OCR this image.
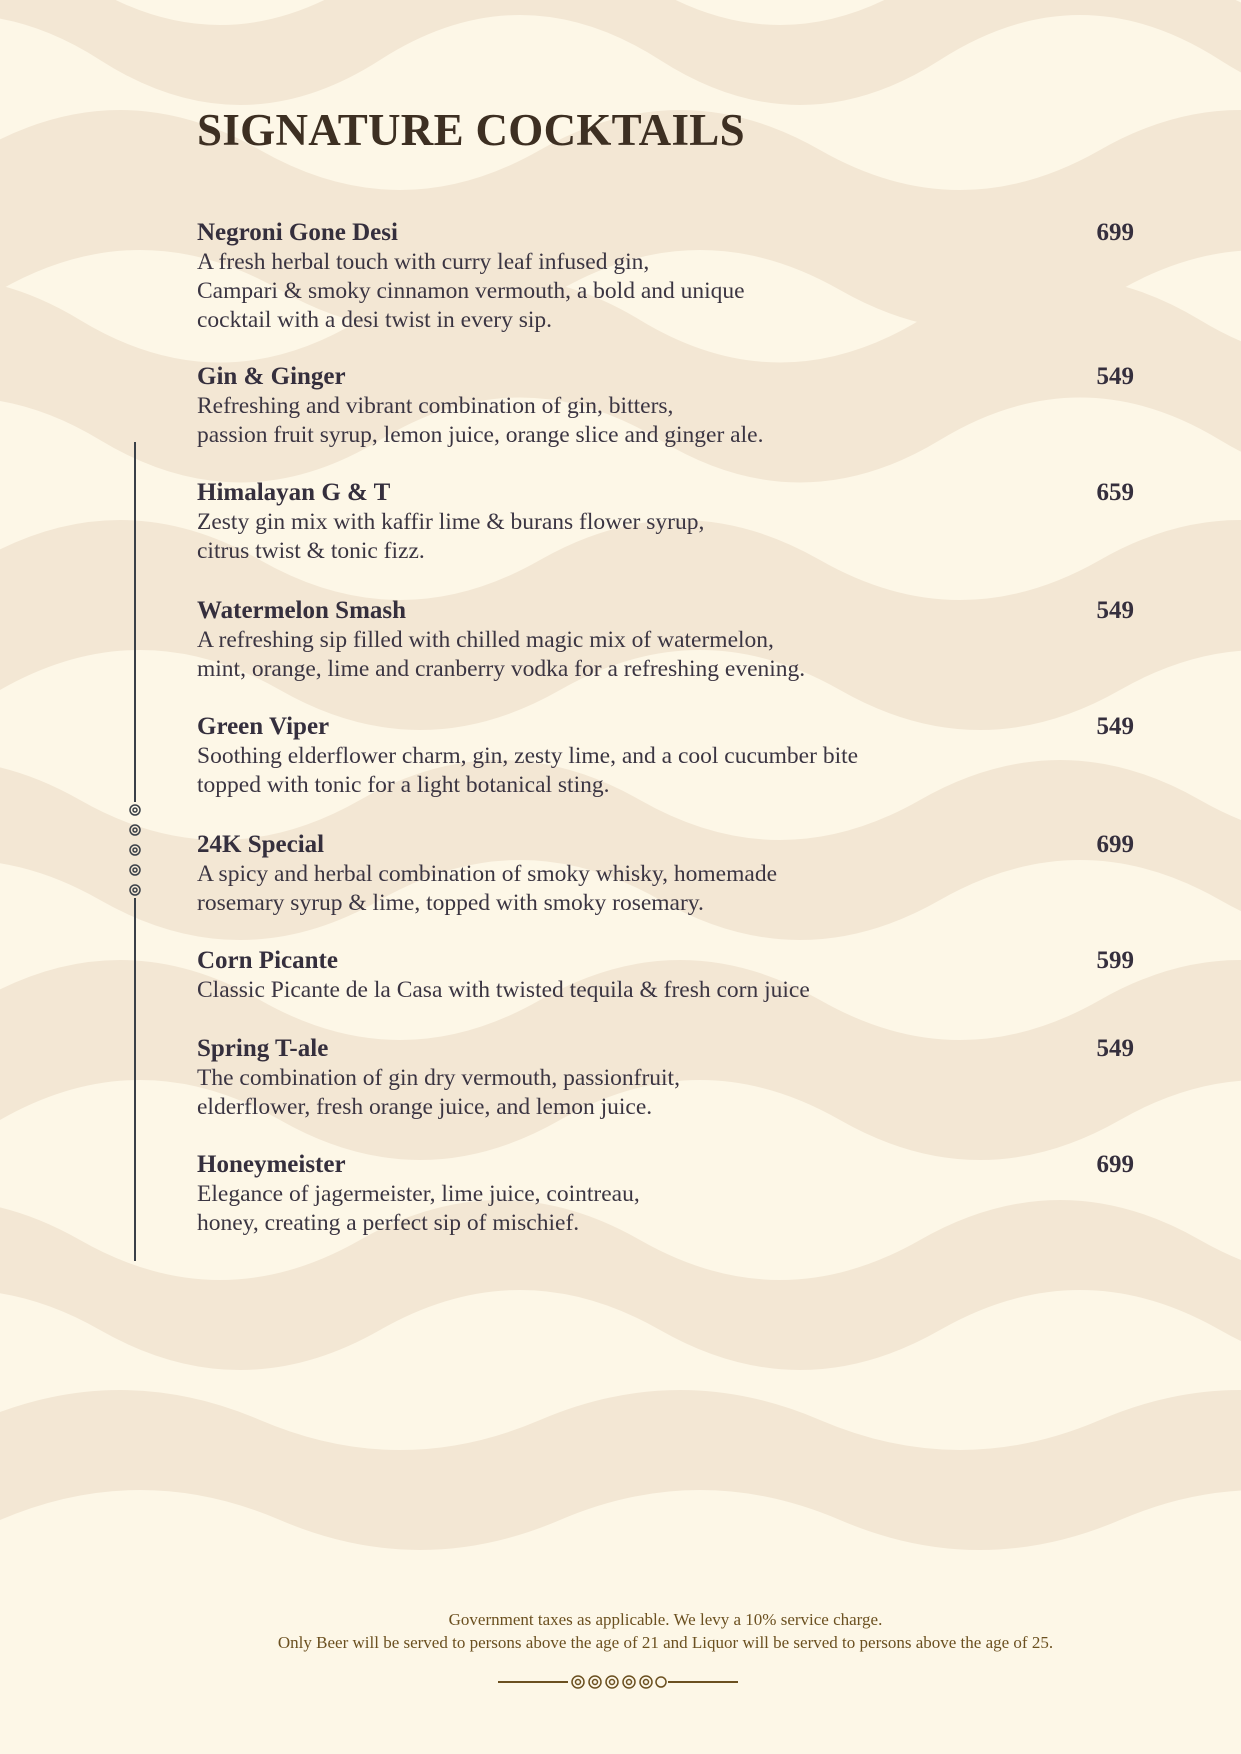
SIGNATURE COCKTAILS
Negroni Gone Desi	699
A fresh herbal touch with curry leaf infused gin,
Campari & smoky cinnamon vermouth, a bold and unique
cocktail with a desi twist in every sip.
Gin & Ginger	549
Refreshing and vibrant combination of gin, bitters,
passion fruit syrup, lemon juice, orange slice and ginger ale.
Himalayan G & T	659
Zesty gin mix with kaffir lime & burans flower syrup,
citrus twist & tonic fizz.
Watermelon Smash	549
A refreshing sip filled with chilled magic mix of watermelon,
mint, orange, lime and cranberry vodka for a refreshing evening.
Green Viper	549
Soothing elderflower charm, gin, zesty lime, and a cool cucumber bite
topped with tonic for a light botanical sting.
24K Special	699
A spicy and herbal combination of smoky whisky, homemade
rosemary syrup & lime, topped with smoky rosemary.
Corn Picante	599
Classic Picante de la Casa with twisted tequila & fresh corn juice
Spring T-ale	549
The combination of gin dry vermouth, passionfruit,
elderflower, fresh orange juice, and lemon juice.
Honeymeister	699
Elegance of jagermeister, lime juice, cointreau,
honey, creating a perfect sip of mischief.
Government taxes as applicable. We levy a 10% service charge.
Only Beer will be served to persons above the age of 21 and Liquor will be served to persons above the age of 25.
